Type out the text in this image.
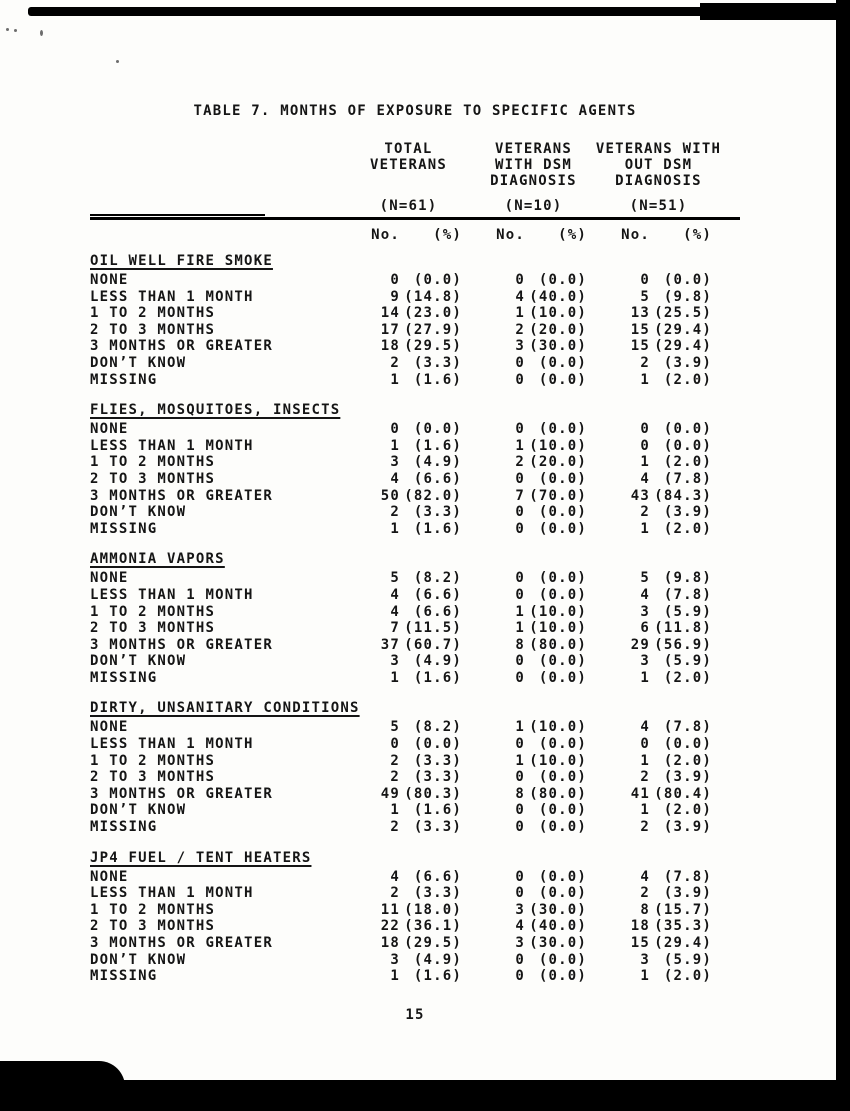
TABLE 7. MONTHS OF EXPOSURE TO SPECIFIC AGENTS
TOTAL
VETERANS
(N=61)
VETERANS
WITH DSM
DIAGNOSIS
(N=10)
VETERANS WITH
OUT DSM
DIAGNOSIS
(N=51)
No. (%)	No. (%)	No. (%)
OIL WELL FIRE SMOKE
NONE	0 (0.0)	0 (0.0)	0 (0.0)
LESS THAN 1 MONTH	9 (14.8)	4 (40.0)	5 (9.8)
1 TO 2 MONTHS	14 (23.0)	1 (10.0)	13 (25.5)
2 TO 3 MONTHS	17 (27.9)	2 (20.0)	15 (29.4)
3 MONTHS OR GREATER	18 (29.5)	3 (30.0)	15 (29.4)
DON’T KNOW	2 (3.3)	0 (0.0)	2 (3.9)
MISSING	1 (1.6)	0 (0.0)	1 (2.0)
FLIES, MOSQUITOES, INSECTS
NONE	0 (0.0)	0 (0.0)	0 (0.0)
LESS THAN 1 MONTH	1 (1.6)	1 (10.0)	0 (0.0)
1 TO 2 MONTHS	3 (4.9)	2 (20.0)	1 (2.0)
2 TO 3 MONTHS	4 (6.6)	0 (0.0)	4 (7.8)
3 MONTHS OR GREATER	50 (82.0)	7 (70.0)	43 (84.3)
DON’T KNOW	2 (3.3)	0 (0.0)	2 (3.9)
MISSING	1 (1.6)	0 (0.0)	1 (2.0)
AMMONIA VAPORS
NONE	5 (8.2)	0 (0.0)	5 (9.8)
LESS THAN 1 MONTH	4 (6.6)	0 (0.0)	4 (7.8)
1 TO 2 MONTHS	4 (6.6)	1 (10.0)	3 (5.9)
2 TO 3 MONTHS	7 (11.5)	1 (10.0)	6 (11.8)
3 MONTHS OR GREATER	37 (60.7)	8 (80.0)	29 (56.9)
DON’T KNOW	3 (4.9)	0 (0.0)	3 (5.9)
MISSING	1 (1.6)	0 (0.0)	1 (2.0)
DIRTY, UNSANITARY CONDITIONS
NONE	5 (8.2)	1 (10.0)	4 (7.8)
LESS THAN 1 MONTH	0 (0.0)	0 (0.0)	0 (0.0)
1 TO 2 MONTHS	2 (3.3)	1 (10.0)	1 (2.0)
2 TO 3 MONTHS	2 (3.3)	0 (0.0)	2 (3.9)
3 MONTHS OR GREATER	49 (80.3)	8 (80.0)	41 (80.4)
DON’T KNOW	1 (1.6)	0 (0.0)	1 (2.0)
MISSING	2 (3.3)	0 (0.0)	2 (3.9)
JP4 FUEL / TENT HEATERS
NONE	4 (6.6)	0 (0.0)	4 (7.8)
LESS THAN 1 MONTH	2 (3.3)	0 (0.0)	2 (3.9)
1 TO 2 MONTHS	11 (18.0)	3 (30.0)	8 (15.7)
2 TO 3 MONTHS	22 (36.1)	4 (40.0)	18 (35.3)
3 MONTHS OR GREATER	18 (29.5)	3 (30.0)	15 (29.4)
DON’T KNOW	3 (4.9)	0 (0.0)	3 (5.9)
MISSING	1 (1.6)	0 (0.0)	1 (2.0)
15
